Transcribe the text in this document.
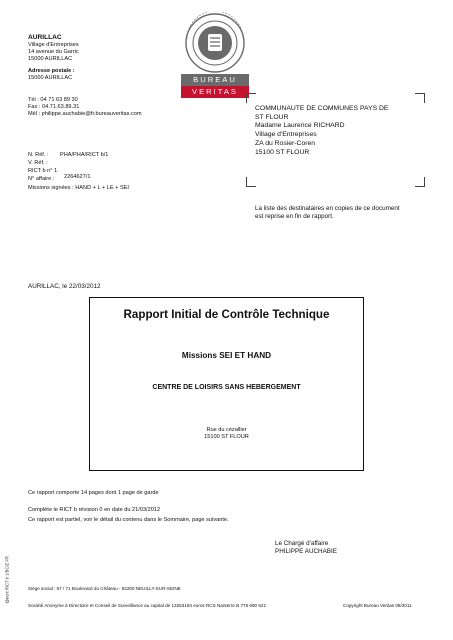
AURILLAC
Village d'Entreprises
14 avenue du Garric
15000 AURILLAC
Adresse postale :
15000 AURILLAC
Tél : 04 71 63 89 30
Fax : 04.71.63.89.31
Mél : philippe.auchabie@fr.bureauveritas.com
N. Réf. : PHA/PHA/RICT b/1
V. Réf. :
RICT b n° 1
N° affaire : 2264627/1
Missions signées : HAND + L + LE + SEI
BUREAU
VERITAS
COMMUNAUTE DE COMMUNES PAYS DE
ST FLOUR
Madame Laurence RICHARD
Village d'Entreprises
ZA du Rosier-Coren
15100 ST FLOUR
La liste des destinataires en copies de ce document
est reprise en fin de rapport.
AURILLAC, le 22/03/2012
Rapport Initial de Contrôle Technique
Missions SEI ET HAND
CENTRE DE LOISIRS SANS HEBERGEMENT
Rue du cézallier
15100 ST FLOUR
Ce rapport comporte 14 pages dont 1 page de garde
Complète le RICT b révision 0 en date du 21/03/2012
Ce rapport est partiel, voir le détail du contenu dans le Sommaire, page suivante.
Le Chargé d'affaire
PHILIPPE AUCHABIE
@ecrit RICT b 1/BCIZ FR	Siège social : 67 / 71 Boulevard du Château - 92200 NEUILLY-SUR-SEINE
Société Anonyme à Directoire et Conseil de Surveillance au capital de 13263184 euros RCS Nanterre B 775 690 621	Copyright Bureau Veritas 09/2011
